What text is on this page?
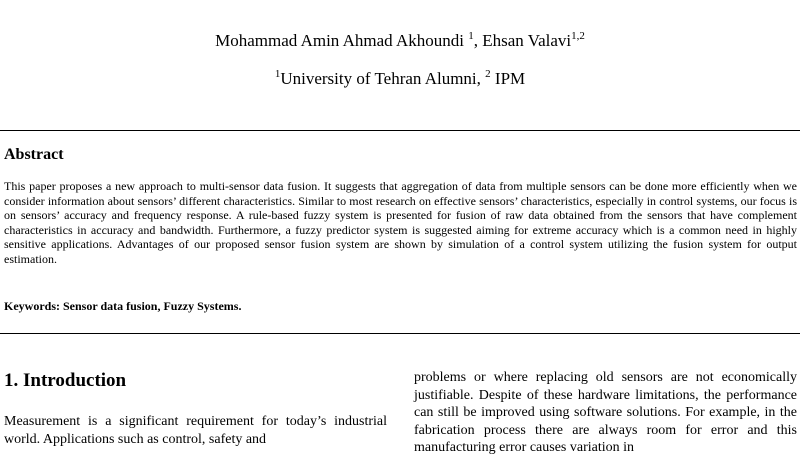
Mohammad Amin Ahmad Akhoundi $^1$, Ehsan Valavi$^{1,2}$
$^1$University of Tehran Alumni, $^2$ IPM
Abstract
This paper proposes a new approach to multi-sensor data fusion. It suggests that aggregation of data from multiple sensors can be done more efficiently when we consider information about sensors’ different characteristics. Similar to most research on effective sensors’ characteristics, especially in control systems, our focus is on sensors’ accuracy and frequency response. A rule-based fuzzy system is presented for fusion of raw data obtained from the sensors that have complement characteristics in accuracy and bandwidth. Furthermore, a fuzzy predictor system is suggested aiming for extreme accuracy which is a common need in highly sensitive applications. Advantages of our proposed sensor fusion system are shown by simulation of a control system utilizing the fusion system for output estimation.
Keywords: Sensor data fusion, Fuzzy Systems.
1. Introduction
Measurement is a significant requirement for today’s industrial world. Applications such as control, safety and
problems or where replacing old sensors are not economically justifiable. Despite of these hardware limitations, the performance can still be improved using software solutions. For example, in the fabrication process there are always room for error and this manufacturing error causes variation in
